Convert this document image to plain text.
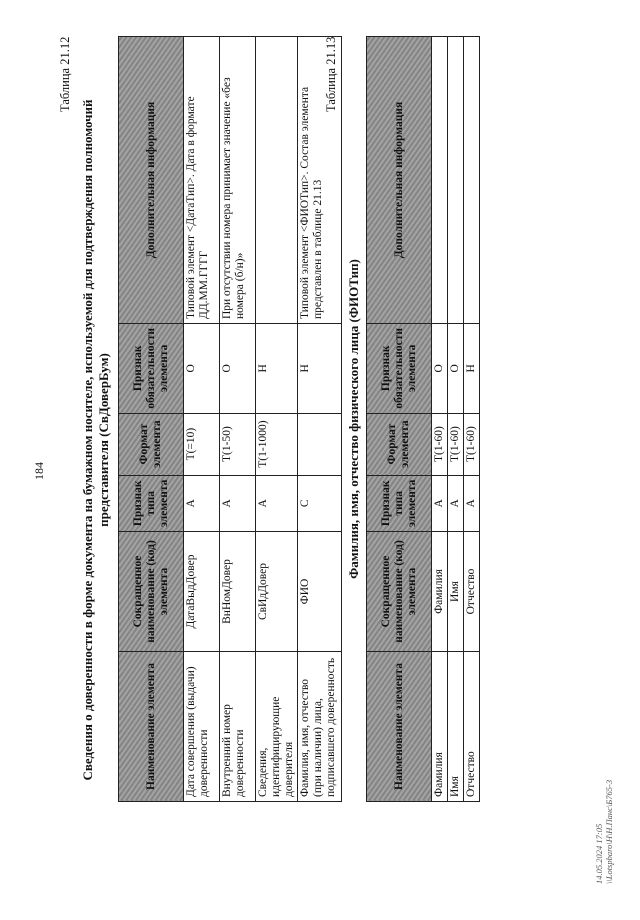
184
Таблица 21.12
Сведения о доверенности в форме документа на бумажном носителе, используемой для подтверждения полномочий представителя (СвДоверБум)
Наименование элемента	Сокращенное наименование (код) элемента	Признак типа элемента	Формат элемента	Признак обязательности элемента	Дополнительная информация
Дата совершения (выдачи) доверенности	ДатаВыдДовер	А	T(=10)	О	Типовой элемент <ДатаТип>. Дата в формате ДД.ММ.ГГГГ
Внутренний номер доверенности	ВнНомДовер	А	T(1-50)	О	При отсутствии номера принимает значение «без номера (б/н)»
Сведения, идентифицирующие доверителя	СвИдДовер	А	T(1-1000)	Н	
Фамилия, имя, отчество (при наличии) лица, подписавшего доверенность	ФИО	С		Н	Типовой элемент <ФИОТип>. Состав элемента представлен в таблице 21.13
Таблица 21.13
Фамилия, имя, отчество физического лица (ФИОТип)
Наименование элемента	Сокращенное наименование (код) элемента	Признак типа элемента	Формат элемента	Признак обязательности элемента	Дополнительная информация
Фамилия	Фамилия	А	T(1-60)	О	
Имя	Имя	А	T(1-60)	О	
Отчество	Отчество	А	T(1-60)	Н	
14.05.2024 17:05 \\Lotspbaro\Н\Н.Панс\Б765-3
